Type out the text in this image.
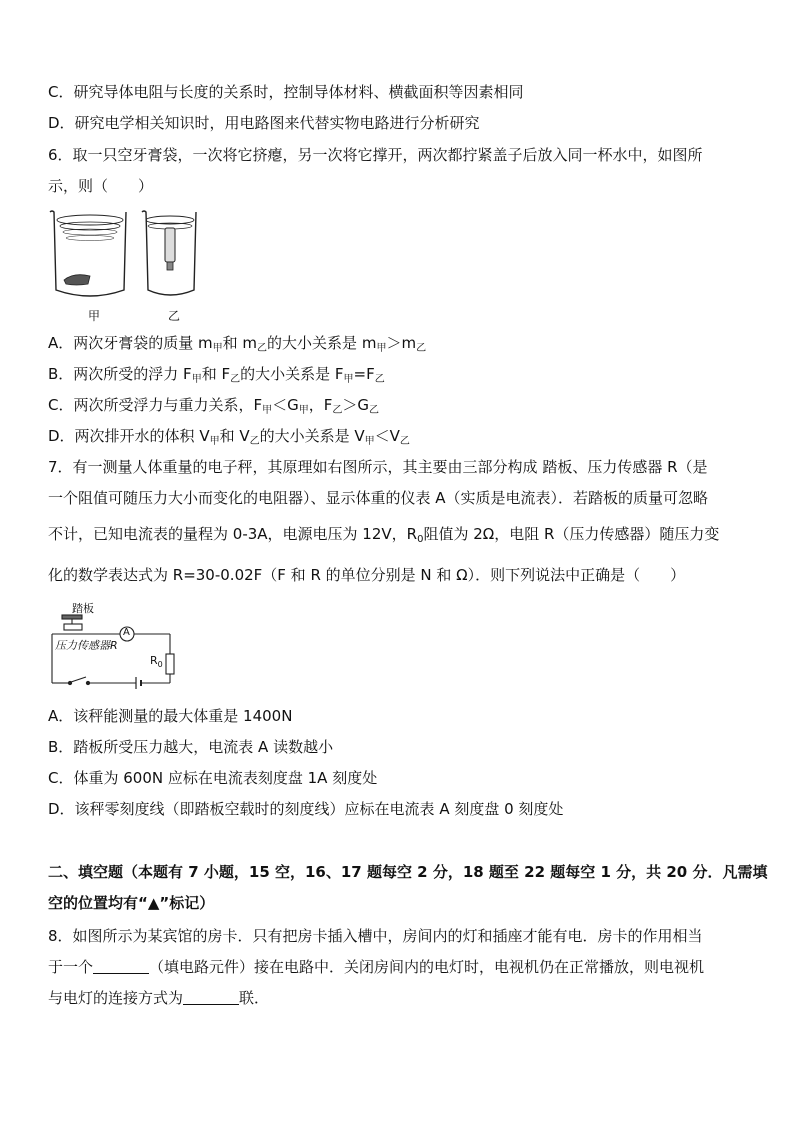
C．研究导体电阻与长度的关系时，控制导体材料、横截面积等因素相同
D．研究电学相关知识时，用电路图来代替实物电路进行分析研究
6．取一只空牙膏袋，一次将它挤瘪，另一次将它撑开，两次都拧紧盖子后放入同一杯水中，如图所
示，则（　　）
甲	乙
A．两次牙膏袋的质量 $m_甲$和 $m_乙$的大小关系是 $m_甲>m_乙$
B．两次所受的浮力 $F_甲$和 $F_乙$的大小关系是 $F_甲=F_乙$
C．两次所受浮力与重力关系，$F_甲<G_甲$，$F_乙>G_乙$
D．两次排开水的体积 $V_甲$和 $V_乙$的大小关系是 $V_甲<V_乙$
7．有一测量人体重量的电子秤，其原理如右图所示，其主要由三部分构成 踏板、压力传感器 R（是
一个阻值可随压力大小而变化的电阻器）、显示体重的仪表 A（实质是电流表）．若踏板的质量可忽略
不计，已知电流表的量程为 0-3A，电源电压为 12V，$R_0$阻值为 2Ω，电阻 R（压力传感器）随压力变
化的数学表达式为 R=30-0.02F（F 和 R 的单位分别是 N 和 Ω）．则下列说法中正确是（　　）
踏板
压力传感器R
A
$R_0$
A．该秤能测量的最大体重是 1400N
B．踏板所受压力越大，电流表 A 读数越小
C．体重为 600N 应标在电流表刻度盘 1A 刻度处
D．该秤零刻度线（即踏板空载时的刻度线）应标在电流表 A 刻度盘 0 刻度处
二、填空题（本题有 7 小题，15 空，16、17 题每空 2 分，18 题至 22 题每空 1 分，共 20 分．凡需填
空的位置均有“▲”标记）
8．如图所示为某宾馆的房卡．只有把房卡插入槽中，房间内的灯和插座才能有电．房卡的作用相当
于一个	（填电路元件）接在电路中．关闭房间内的电灯时，电视机仍在正常播放，则电视机
与电灯的连接方式为	联．
